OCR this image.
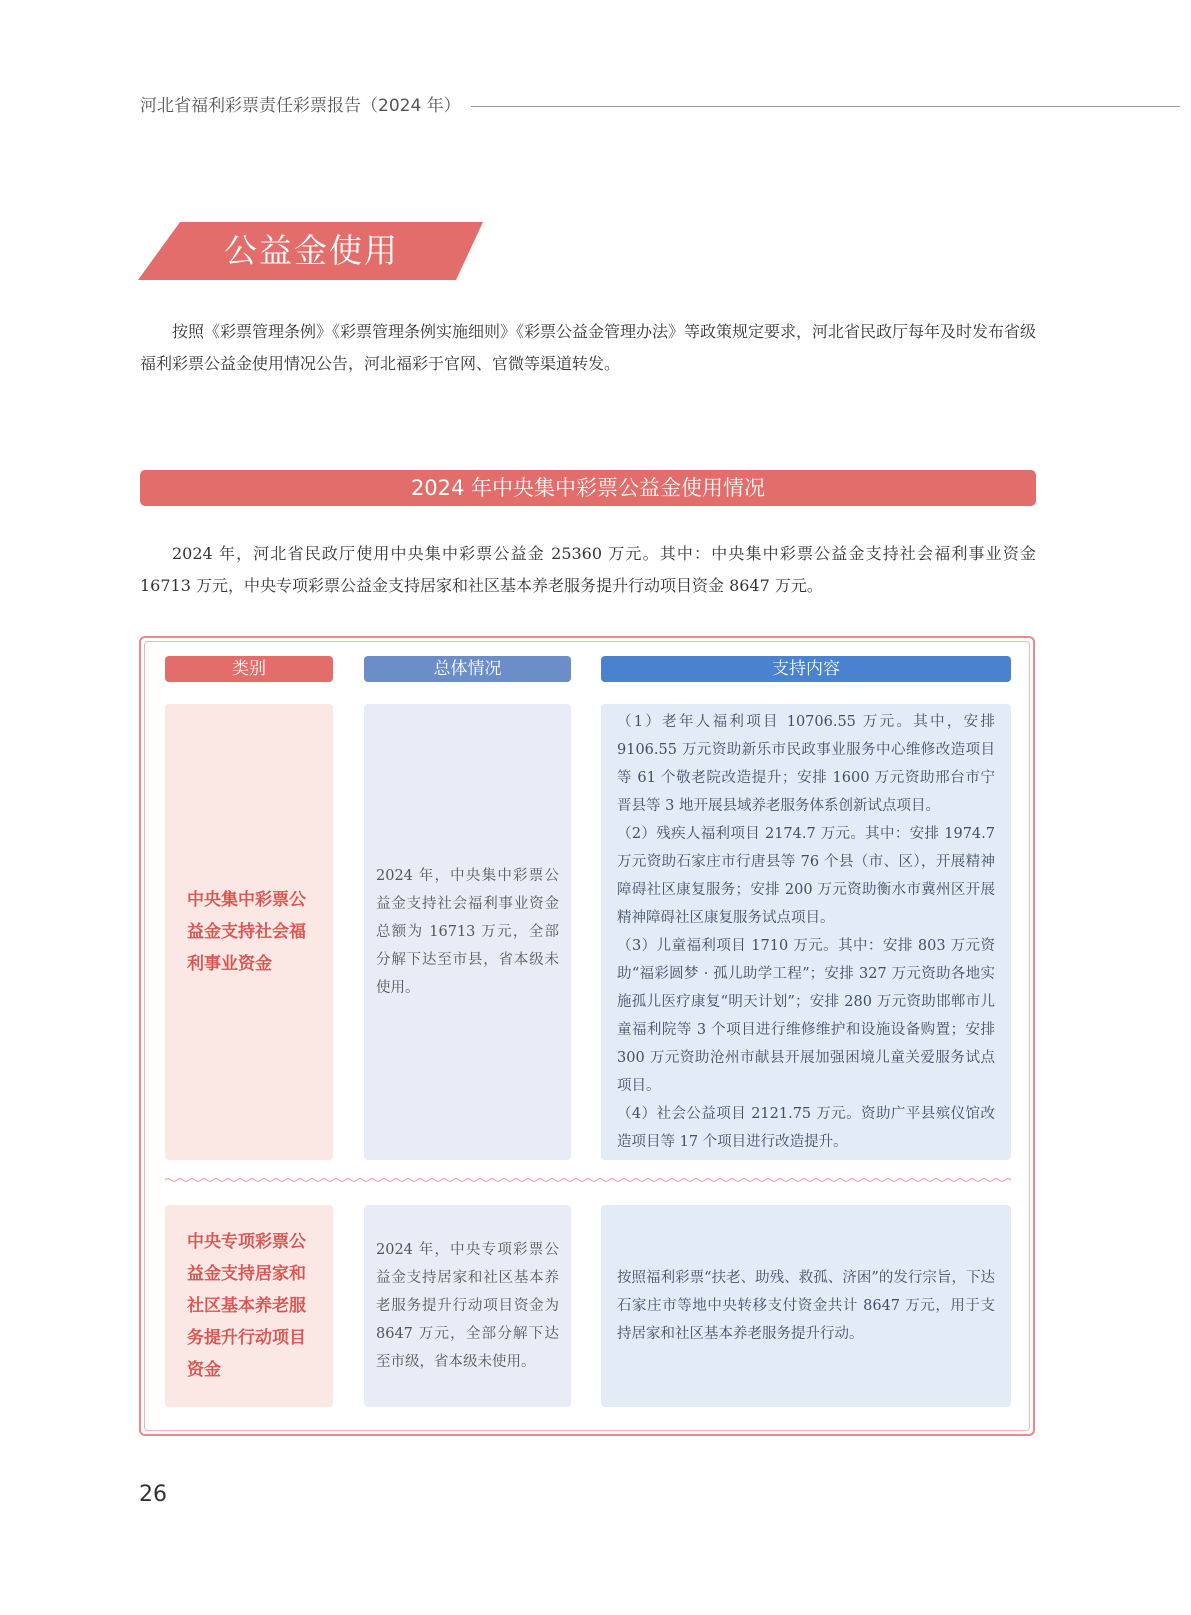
河北省福利彩票责任彩票报告（2024 年）
公益金使用

按照《彩票管理条例》《彩票管理条例实施细则》《彩票公益金管理办法》等政策规定要求，河北省民政厅每年及时发布省级福利彩票公益金使用情况公告，河北福彩于官网、官微等渠道转发。

2024 年中央集中彩票公益金使用情况

2024 年，河北省民政厅使用中央集中彩票公益金 25360 万元。其中：中央集中彩票公益金支持社会福利事业资金 16713 万元，中央专项彩票公益金支持居家和社区基本养老服务提升行动项目资金 8647 万元。

类别	总体情况	支持内容
中央集中彩票公益金支持社会福利事业资金
2024 年，中央集中彩票公益金支持社会福利事业资金总额为 16713 万元，全部分解下达至市县，省本级未使用。
（1）老年人福利项目 10706.55 万元。其中，安排 9106.55 万元资助新乐市民政事业服务中心维修改造项目等 61 个敬老院改造提升；安排 1600 万元资助邢台市宁晋县等 3 地开展县域养老服务体系创新试点项目。
（2）残疾人福利项目 2174.7 万元。其中：安排 1974.7 万元资助石家庄市行唐县等 76 个县（市、区），开展精神障碍社区康复服务；安排 200 万元资助衡水市冀州区开展精神障碍社区康复服务试点项目。
（3）儿童福利项目 1710 万元。其中：安排 803 万元资助“福彩圆梦 · 孤儿助学工程”；安排 327 万元资助各地实施孤儿医疗康复“明天计划”；安排 280 万元资助邯郸市儿童福利院等 3 个项目进行维修维护和设施设备购置；安排 300 万元资助沧州市献县开展加强困境儿童关爱服务试点项目。
（4）社会公益项目 2121.75 万元。资助广平县殡仪馆改造项目等 17 个项目进行改造提升。
中央专项彩票公益金支持居家和社区基本养老服务提升行动项目资金
2024 年，中央专项彩票公益金支持居家和社区基本养老服务提升行动项目资金为 8647 万元，全部分解下达至市级，省本级未使用。
按照福利彩票“扶老、助残、救孤、济困”的发行宗旨，下达石家庄市等地中央转移支付资金共计 8647 万元，用于支持居家和社区基本养老服务提升行动。
26
